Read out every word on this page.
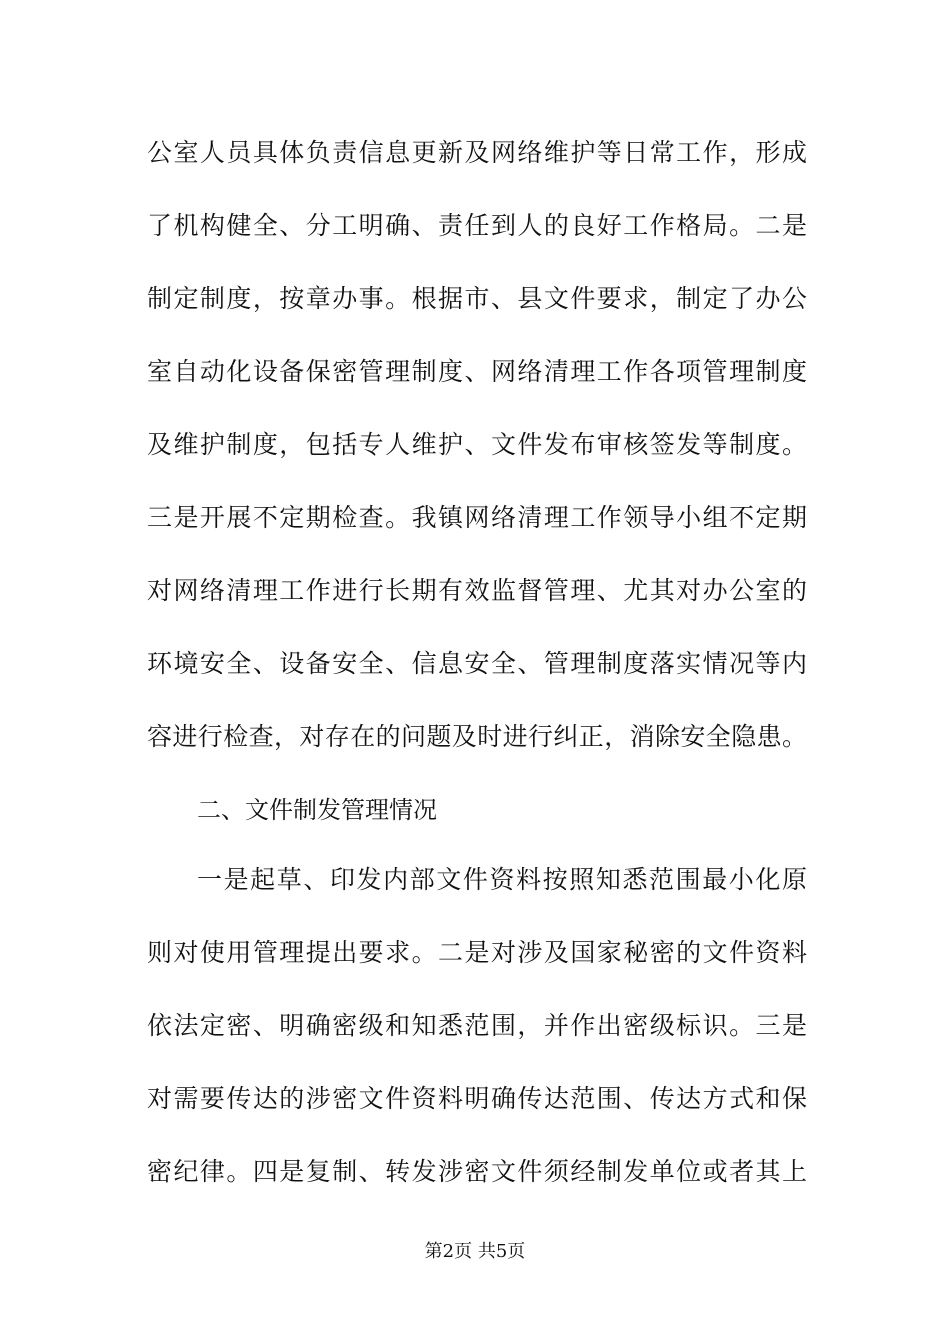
公室人员具体负责信息更新及网络维护等日常工作，形成
了机构健全、分工明确、责任到人的良好工作格局。二是
制定制度，按章办事。根据市、县文件要求，制定了办公
室自动化设备保密管理制度、网络清理工作各项管理制度
及维护制度，包括专人维护、文件发布审核签发等制度。
三是开展不定期检查。我镇网络清理工作领导小组不定期
对网络清理工作进行长期有效监督管理、尤其对办公室的
环境安全、设备安全、信息安全、管理制度落实情况等内
容进行检查，对存在的问题及时进行纠正，消除安全隐患。
二、文件制发管理情况
一是起草、印发内部文件资料按照知悉范围最小化原
则对使用管理提出要求。二是对涉及国家秘密的文件资料
依法定密、明确密级和知悉范围，并作出密级标识。三是
对需要传达的涉密文件资料明确传达范围、传达方式和保
密纪律。四是复制、转发涉密文件须经制发单位或者其上
第2页 共5页
